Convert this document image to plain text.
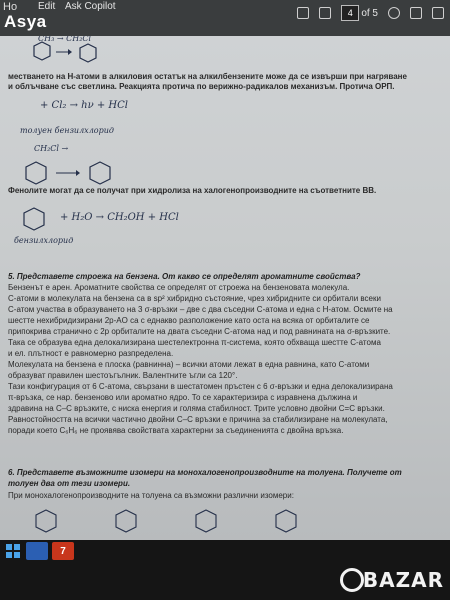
Ho Edit Ask Copilot
4 of 5
Asya
CH₃ → CH₂Cl
местването на Н-атоми в алкиловия остатък на алкилбензените може да се извърши при нагряване
и облъчване със светлина. Реакцията протича по верижно-радикалов механизъм. Протича ОРП.
+ Cl₂ → hν + HCl
толуен бензилхлорид
CH₂Cl →
Фенолите могат да се получат при хидролиза на халогенопроизводните на съответните ВВ.
+ H₂O → CH₂OH + HCl
бензилхлорид
5. Представете строежа на бензена. От какво се определят ароматните свойства?
Бензенът е арен. Ароматните свойства се определят от строежа на бензеновата молекула.
С-атоми в молекулата на бензена са в sp² хибридно състояние, чрез хибридните си орбитали всеки
С-атом участва в образуването на 3 σ-връзки – две с два съседни С-атома и една с Н-атом. Осмите на
шестте нехибридизирани 2p-AO са с еднакво разположение като оста на всяка от орбиталите се
припокрива странично с 2p орбиталите на двата съседни С-атома над и под равнината на σ-връзките.
Така се образува една делокализирана шестелектронна π-система, която обхваща шестте С-атома
и ел. плътност е равномерно разпределена.
Молекулата на бензена е плоска (равнинна) – всички атоми лежат в една равнина, като С-атоми
образуват правилен шестоъгълник. Валентните ъгли са 120°.
Тази конфигурация от 6 С-атома, свързани в шестатомен пръстен с 6 σ-връзки и една делокализирана
π-връзка, се нар. бензеново или ароматно ядро. То се характеризира с изравнена дължина и
здравина на С–С връзките, с ниска енергия и голяма стабилност. Трите условно двойни С=С връзки.
Равностойността на всички частично двойни С–С връзки е причина за стабилизиране на молекулата,
поради което С₆Н₆ не проявява свойствата характерни за съединенията с двойна връзка.
6. Представете възможните изомери на монохалогенопроизводните на толуена. Получете от
толуен два от тези изомери.
При монохалогенопроизводните на толуена са възможни различни изомери:
7
BAZAR
